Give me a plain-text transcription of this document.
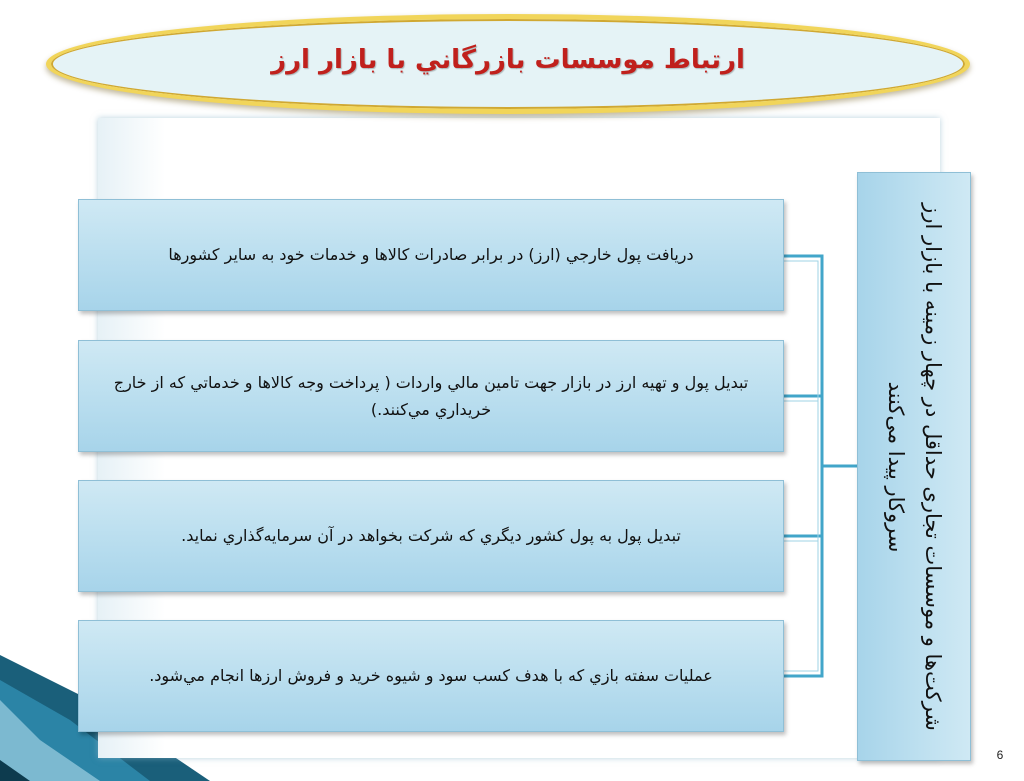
ارتباط موسسات بازرگاني با بازار ارز
دريافت پول خارجي (ارز) در برابر صادرات کالاها و خدمات خود به ساير کشورها
تبديل پول و تهيه ارز در بازار جهت تامين مالي واردات ( پرداخت وجه کالاها و خدماتي که از خارج خريداري مي‌کنند.)
تبديل پول به پول کشور ديگري که شرکت بخواهد در آن سرمايه‌گذاري نمايد.
عمليات سفته بازي که با هدف کسب سود و شيوه خريد و فروش ارزها انجام مي‌شود.	شرکت‌ها و موسسات تجاری حداقل در چهار زمینه با بازار ارز سروکار پیدا می‌کنند
6
